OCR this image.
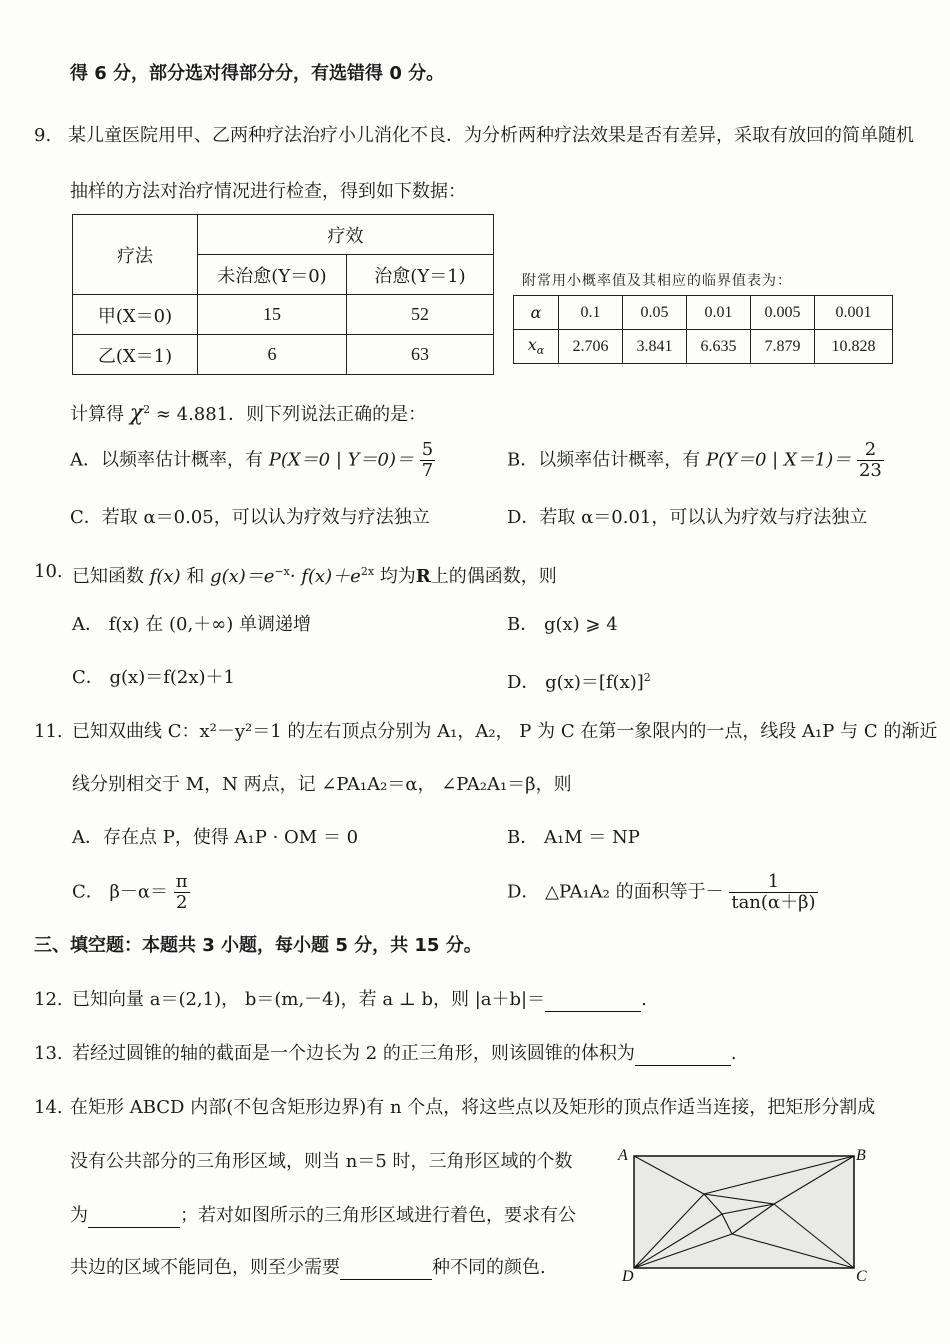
得 6 分，部分选对得部分分，有选错得 0 分。
9. 某儿童医院用甲、乙两种疗法治疗小儿消化不良．为分析两种疗法效果是否有差异，采取有放回的简单随机
抽样的方法对治疗情况进行检查，得到如下数据：
疗法	疗效	
	未治愈(Y＝0)	治愈(Y＝1)
甲(X＝0)	15	52
乙(X＝1)	6	63
附常用小概率值及其相应的临界值表为：
α	0.1	0.05	0.01	0.005	0.001
$x_\alpha$	2.706	3.841	6.635	7.879	10.828
计算得 $\chi^2 \approx 4.881$．则下列说法正确的是：
A．以频率估计概率，有 P(X＝0 | $Y=0)= \frac{5}{7}$	B．以频率估计概率，有 P(Y＝0 | $X=1)= \frac{2}{23}$
C．若取 α＝0.05，可以认为疗效与疗法独立	D．若取 α＝0.01，可以认为疗效与疗法独立
10. 已知函数 f(x) 和 $g(x)=e^{-x}\cdot f(x)+e^{2x}$ 均为R上的偶函数，则
A． f(x) 在 (0,＋∞) 单调递增	B． g(x) ⩾ 4
C． g(x)＝f(2x)＋1	D． $g(x)=[f(x)]^2$
11. 已知双曲线 C：x²－y²＝1 的左右顶点分别为 A₁，A₂， P 为 C 在第一象限内的一点，线段 A₁P 与 C 的渐近
线分别相交于 M，N 两点，记 ∠PA₁A₂＝α， ∠PA₂A₁＝β，则
A．存在点 P，使得 A₁P · OM ＝ 0	B． A₁M ＝ NP
C． $\beta-\alpha= \frac{\pi}{2}$	D． △PA₁A₂ 的面积等于－ $\frac{1}{\tan(\alpha+\beta)}$
三、填空题：本题共 3 小题，每小题 5 分，共 15 分。
12. 已知向量 a＝(2,1)， b＝(m,－4)，若 a ⊥ b，则 |a＋b|＝	.
13. 若经过圆锥的轴的截面是一个边长为 2 的正三角形，则该圆锥的体积为	.
14. 在矩形 ABCD 内部(不包含矩形边界)有 n 个点，将这些点以及矩形的顶点作适当连接，把矩形分割成
没有公共部分的三角形区域，则当 n＝5 时，三角形区域的个数
为	；若对如图所示的三角形区域进行着色，要求有公
共边的区域不能同色，则至少需要	种不同的颜色.
A	B
C
D
